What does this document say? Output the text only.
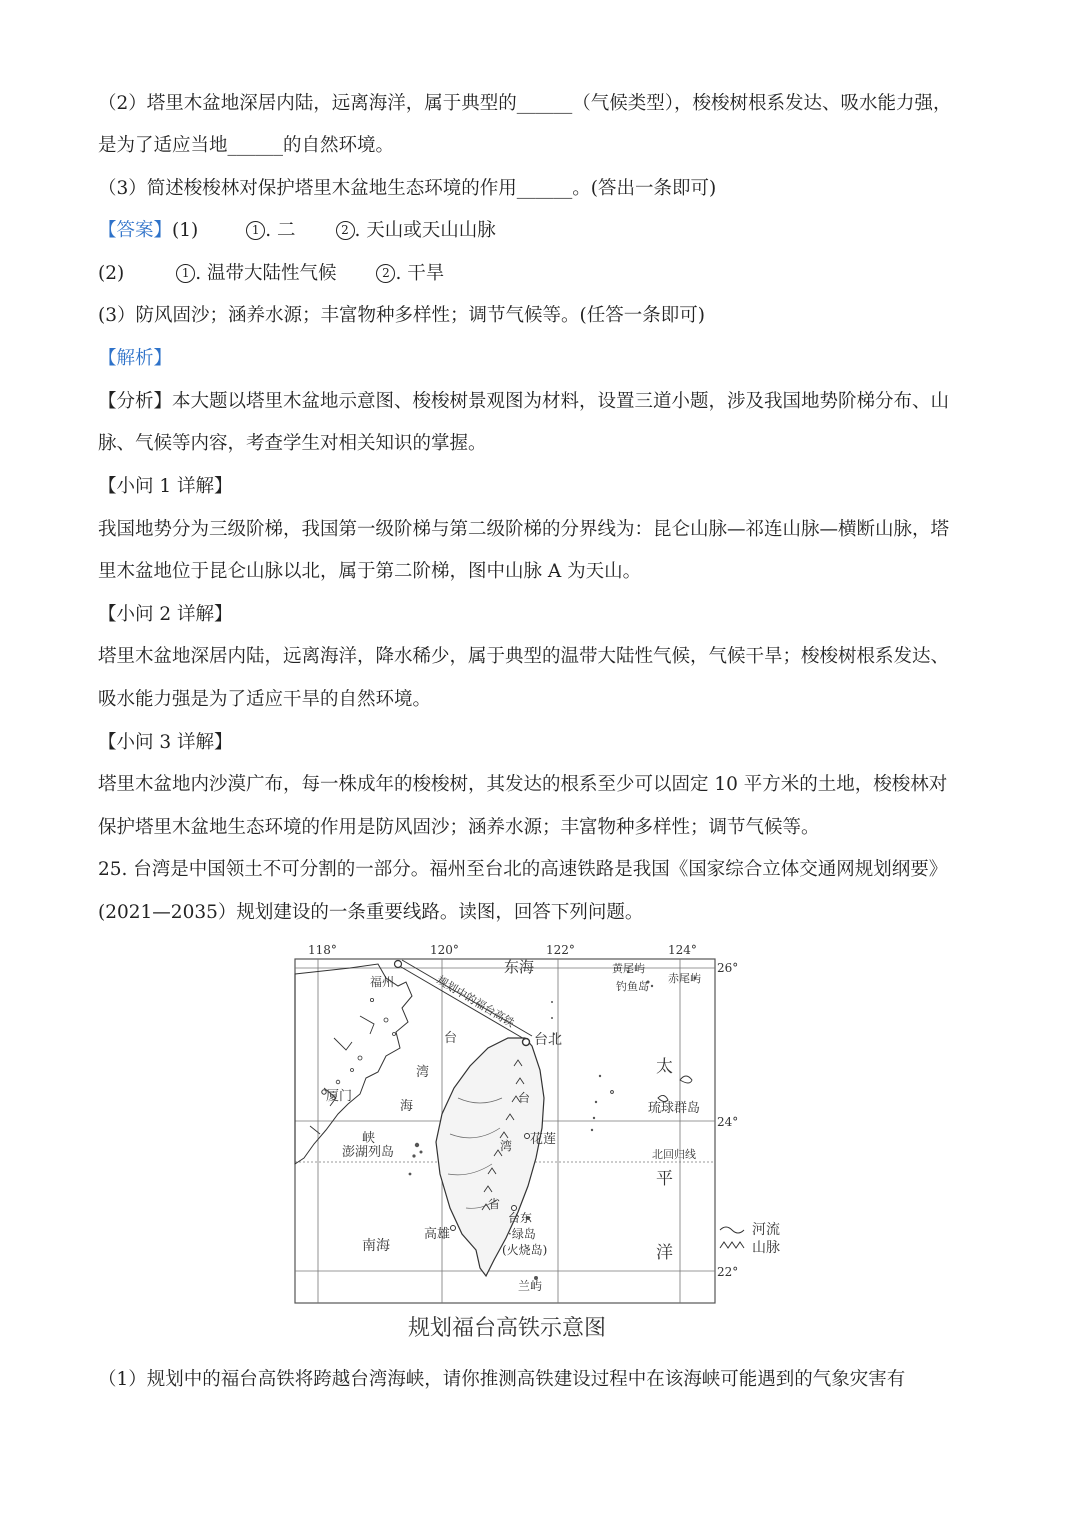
（2）塔里木盆地深居内陆，远离海洋，属于典型的______（气候类型），梭梭树根系发达、吸水能力强，
是为了适应当地______的自然环境。
（3）简述梭梭林对保护塔里木盆地生态环境的作用______。(答出一条即可)
【答案】(1)	1 . 二	2 . 天山或天山山脉
(2)	1 . 温带大陆性气候	2 . 干旱
(3）防风固沙；涵养水源；丰富物种多样性；调节气候等。(任答一条即可)
【解析】
【分析】本大题以塔里木盆地示意图、梭梭树景观图为材料，设置三道小题，涉及我国地势阶梯分布、山
脉、气候等内容，考查学生对相关知识的掌握。
【小问 1 详解】
我国地势分为三级阶梯，我国第一级阶梯与第二级阶梯的分界线为：昆仑山脉—祁连山脉—横断山脉，塔
里木盆地位于昆仑山脉以北，属于第二阶梯，图中山脉 A 为天山。
【小问 2 详解】
塔里木盆地深居内陆，远离海洋，降水稀少，属于典型的温带大陆性气候，气候干旱；梭梭树根系发达、
吸水能力强是为了适应干旱的自然环境。
【小问 3 详解】
塔里木盆地内沙漠广布，每一株成年的梭梭树，其发达的根系至少可以固定 10 平方米的土地，梭梭林对
保护塔里木盆地生态环境的作用是防风固沙；涵养水源；丰富物种多样性；调节气候等。
25. 台湾是中国领土不可分割的一部分。福州至台北的高速铁路是我国《国家综合立体交通网规划纲要》
(2021—2035）规划建设的一条重要线路。读图，回答下列问题。
118°	120°	122°	124°
26°
24°
22°
规划中的福台高铁
东海	黄尾屿
赤尾屿
钓鱼岛
福州
台北
台
湾
海
峡
厦门
澎湖列岛
花莲
北回归线
太
平
洋
琉球群岛
台
湾
省
台东
·绿岛
(火烧岛)
高雄
南海
兰屿
河流
山脉
规划福台高铁示意图
（1）规划中的福台高铁将跨越台湾海峡，请你推测高铁建设过程中在该海峡可能遇到的气象灾害有
